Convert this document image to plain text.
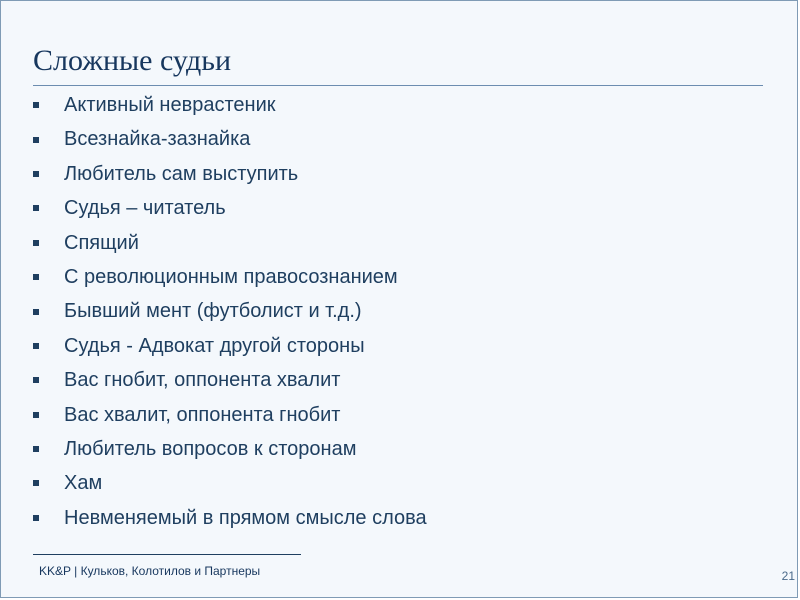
Сложные судьи
Активный неврастеник
Всезнайка-зазнайка
Любитель сам выступить
Судья – читатель
Спящий
С революционным правосознанием
Бывший мент (футболист и т.д.)
Судья - Адвокат другой стороны
Вас гнобит, оппонента хвалит
Вас хвалит, оппонента гнобит
Любитель вопросов к сторонам
Хам
Невменяемый в прямом смысле слова
KK&P | Кульков, Колотилов и Партнеры	21
